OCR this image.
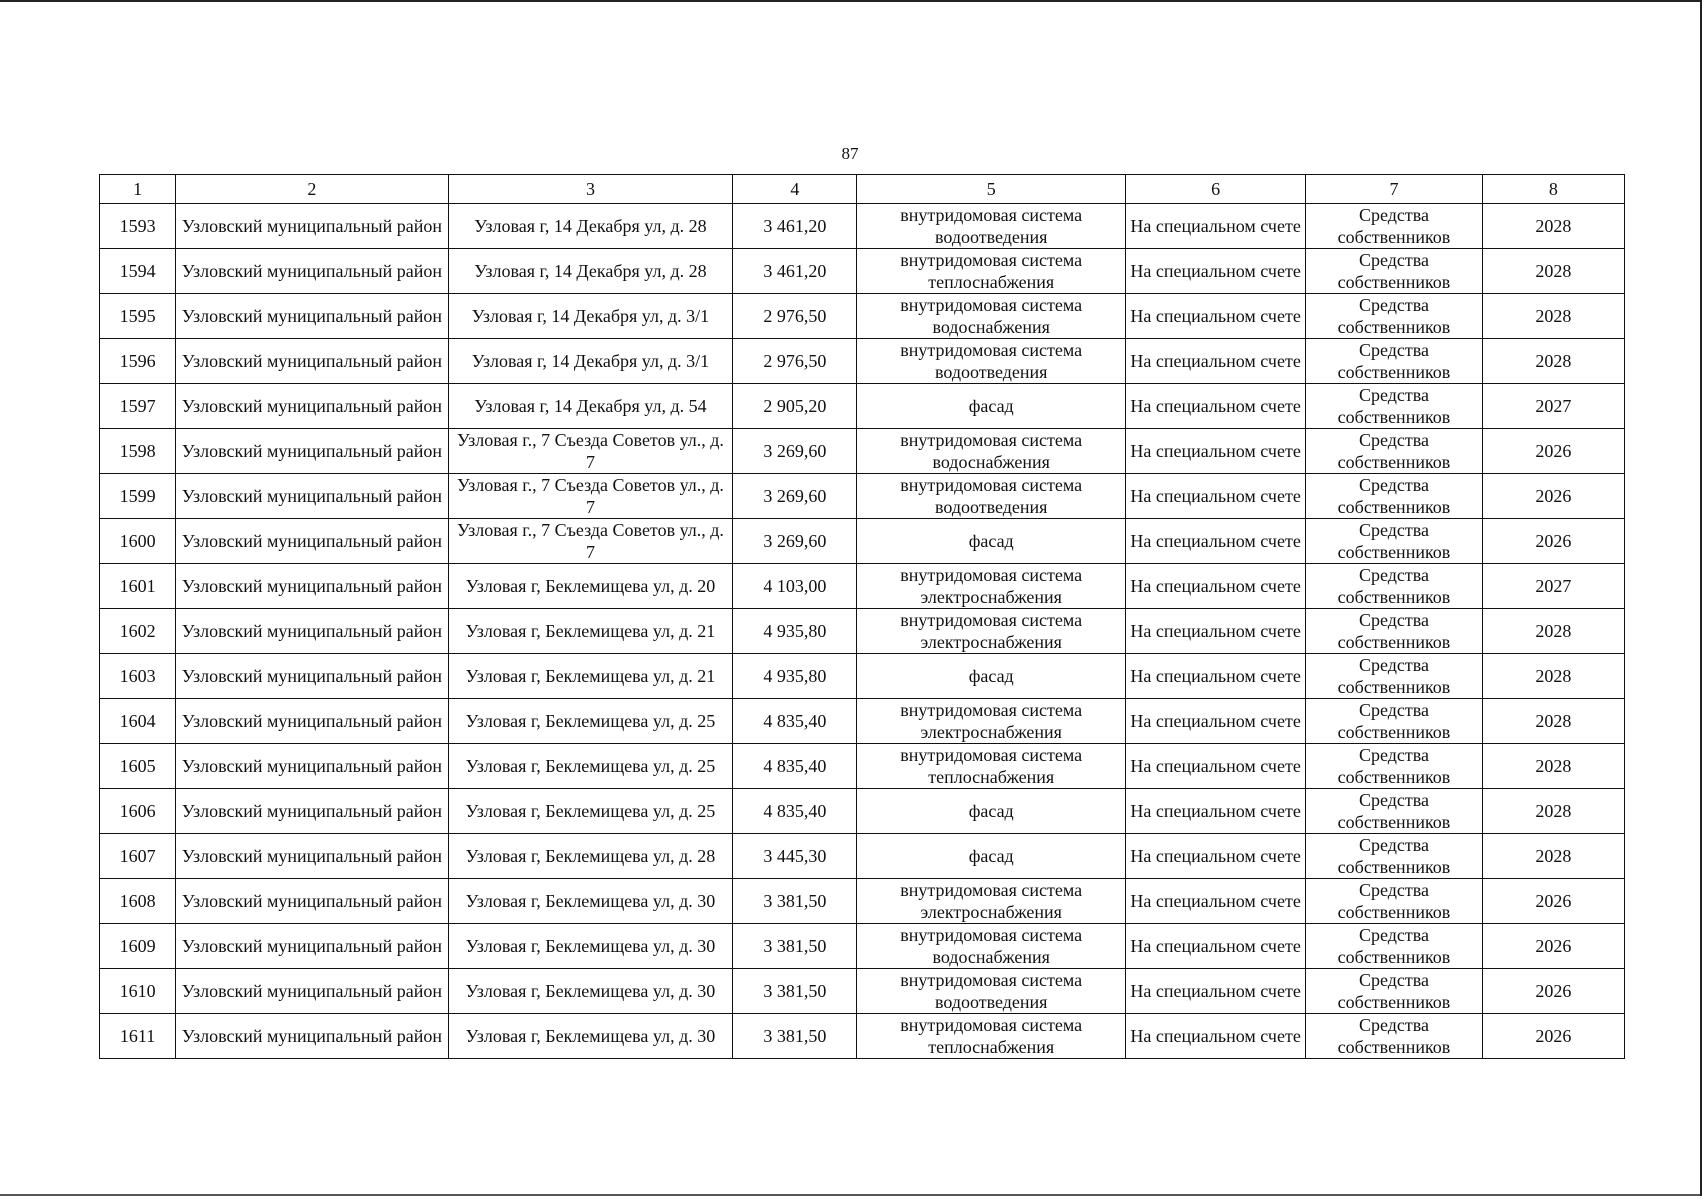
87
1	2	3	4	5	6	7	8
1593	Узловский муниципальный район	Узловая г, 14 Декабря ул, д. 28	3 461,20	внутридомовая система водоотведения	На специальном счете	Средства собственников	2028
1594	Узловский муниципальный район	Узловая г, 14 Декабря ул, д. 28	3 461,20	внутридомовая система теплоснабжения	На специальном счете	Средства собственников	2028
1595	Узловский муниципальный район	Узловая г, 14 Декабря ул, д. 3/1	2 976,50	внутридомовая система водоснабжения	На специальном счете	Средства собственников	2028
1596	Узловский муниципальный район	Узловая г, 14 Декабря ул, д. 3/1	2 976,50	внутридомовая система водоотведения	На специальном счете	Средства собственников	2028
1597	Узловский муниципальный район	Узловая г, 14 Декабря ул, д. 54	2 905,20	фасад	На специальном счете	Средства собственников	2027
1598	Узловский муниципальный район	Узловая г., 7 Съезда Советов ул., д. 7	3 269,60	внутридомовая система водоснабжения	На специальном счете	Средства собственников	2026
1599	Узловский муниципальный район	Узловая г., 7 Съезда Советов ул., д. 7	3 269,60	внутридомовая система водоотведения	На специальном счете	Средства собственников	2026
1600	Узловский муниципальный район	Узловая г., 7 Съезда Советов ул., д. 7	3 269,60	фасад	На специальном счете	Средства собственников	2026
1601	Узловский муниципальный район	Узловая г, Беклемищева ул, д. 20	4 103,00	внутридомовая система электроснабжения	На специальном счете	Средства собственников	2027
1602	Узловский муниципальный район	Узловая г, Беклемищева ул, д. 21	4 935,80	внутридомовая система электроснабжения	На специальном счете	Средства собственников	2028
1603	Узловский муниципальный район	Узловая г, Беклемищева ул, д. 21	4 935,80	фасад	На специальном счете	Средства собственников	2028
1604	Узловский муниципальный район	Узловая г, Беклемищева ул, д. 25	4 835,40	внутридомовая система электроснабжения	На специальном счете	Средства собственников	2028
1605	Узловский муниципальный район	Узловая г, Беклемищева ул, д. 25	4 835,40	внутридомовая система теплоснабжения	На специальном счете	Средства собственников	2028
1606	Узловский муниципальный район	Узловая г, Беклемищева ул, д. 25	4 835,40	фасад	На специальном счете	Средства собственников	2028
1607	Узловский муниципальный район	Узловая г, Беклемищева ул, д. 28	3 445,30	фасад	На специальном счете	Средства собственников	2028
1608	Узловский муниципальный район	Узловая г, Беклемищева ул, д. 30	3 381,50	внутридомовая система электроснабжения	На специальном счете	Средства собственников	2026
1609	Узловский муниципальный район	Узловая г, Беклемищева ул, д. 30	3 381,50	внутридомовая система водоснабжения	На специальном счете	Средства собственников	2026
1610	Узловский муниципальный район	Узловая г, Беклемищева ул, д. 30	3 381,50	внутридомовая система водоотведения	На специальном счете	Средства собственников	2026
1611	Узловский муниципальный район	Узловая г, Беклемищева ул, д. 30	3 381,50	внутридомовая система теплоснабжения	На специальном счете	Средства собственников	2026
